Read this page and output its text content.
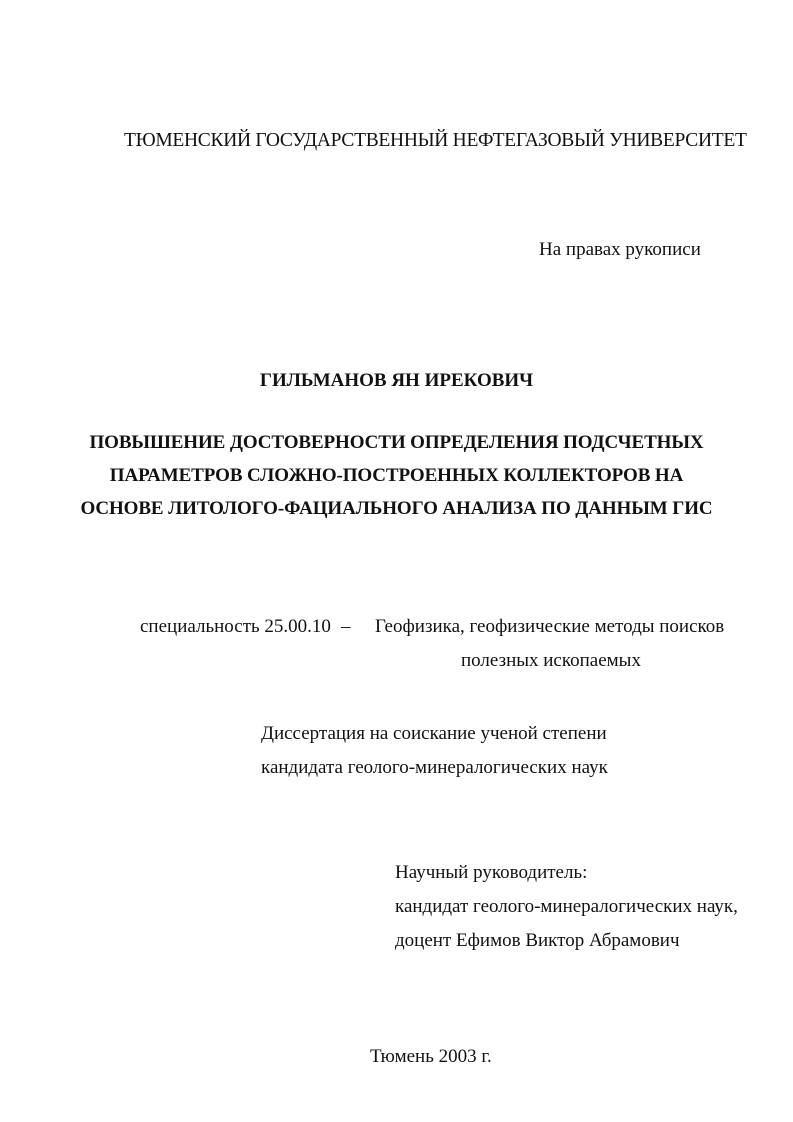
ТЮМЕНСКИЙ ГОСУДАРСТВЕННЫЙ НЕФТЕГАЗОВЫЙ УНИВЕРСИТЕТ
На правах рукописи
ГИЛЬМАНОВ ЯН ИРЕКОВИЧ
ПОВЫШЕНИЕ ДОСТОВЕРНОСТИ ОПРЕДЕЛЕНИЯ ПОДСЧЕТНЫХ
ПАРАМЕТРОВ СЛОЖНО-ПОСТРОЕННЫХ КОЛЛЕКТОРОВ НА
ОСНОВЕ ЛИТОЛОГО-ФАЦИАЛЬНОГО АНАЛИЗА ПО ДАННЫМ ГИС
специальность 25.00.10 – Геофизика, геофизические методы поисков
полезных ископаемых
Диссертация на соискание ученой степени
кандидата геолого-минералогических наук
Научный руководитель:
кандидат геолого-минералогических наук,
доцент Ефимов Виктор Абрамович
Тюмень 2003 г.
